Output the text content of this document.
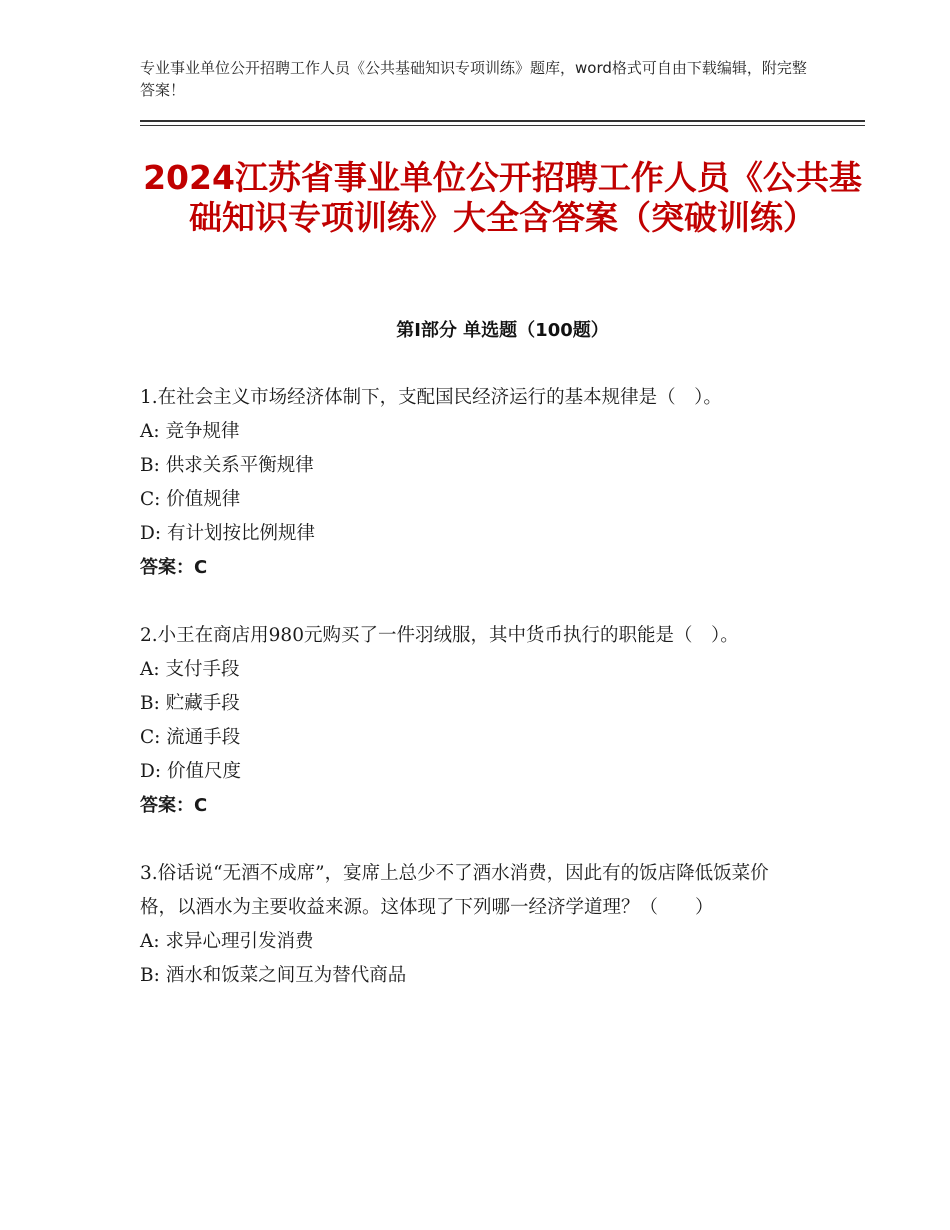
专业事业单位公开招聘工作人员《公共基础知识专项训练》题库，word格式可自由下载编辑，附完整答案！
2024江苏省事业单位公开招聘工作人员《公共基础知识专项训练》大全含答案（突破训练）
第Ⅰ部分 单选题（100题）

1.在社会主义市场经济体制下，支配国民经济运行的基本规律是（　）。

A: 竞争规律

B: 供求关系平衡规律

C: 价值规律

D: 有计划按比例规律

答案：C

2.小王在商店用980元购买了一件羽绒服，其中货币执行的职能是（　）。

A: 支付手段

B: 贮藏手段

C: 流通手段

D: 价值尺度

答案：C

3.俗话说“无酒不成席”，宴席上总少不了酒水消费，因此有的饭店降低饭菜价格，以酒水为主要收益来源。这体现了下列哪一经济学道理？（　　）

A: 求异心理引发消费

B: 酒水和饭菜之间互为替代商品
